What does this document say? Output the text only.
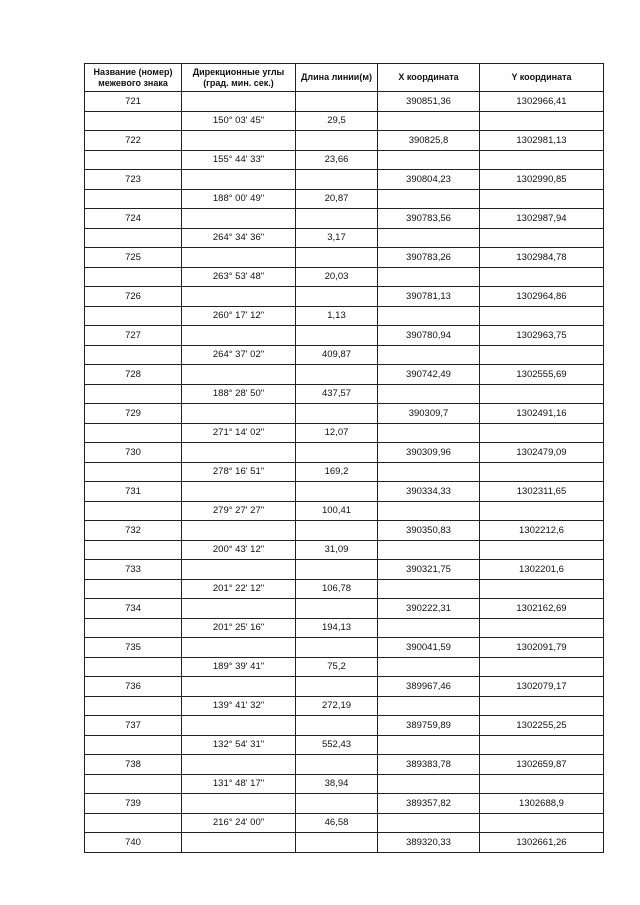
Название (номер) межевого знака	Дирекционные углы (град. мин. сек.)	Длина линии(м)	X координата	Y координата
721			390851,36	1302966,41
	150° 03' 45"	29,5		
722			390825,8	1302981,13
	155° 44' 33"	23,66		
723			390804,23	1302990,85
	188° 00' 49"	20,87		
724			390783,56	1302987,94
	264° 34' 36"	3,17		
725			390783,26	1302984,78
	263° 53' 48"	20,03		
726			390781,13	1302964,86
	260° 17' 12"	1,13		
727			390780,94	1302963,75
	264° 37' 02"	409,87		
728			390742,49	1302555,69
	188° 28' 50"	437,57		
729			390309,7	1302491,16
	271° 14' 02"	12,07		
730			390309,96	1302479,09
	278° 16' 51"	169,2		
731			390334,33	1302311,65
	279° 27' 27"	100,41		
732			390350,83	1302212,6
	200° 43' 12"	31,09		
733			390321,75	1302201,6
	201° 22' 12"	106,78		
734			390222,31	1302162,69
	201° 25' 16"	194,13		
735			390041,59	1302091,79
	189° 39' 41"	75,2		
736			389967,46	1302079,17
	139° 41' 32"	272,19		
737			389759,89	1302255,25
	132° 54' 31"	552,43		
738			389383,78	1302659,87
	131° 48' 17"	38,94		
739			389357,82	1302688,9
	216° 24' 00"	46,58		
740			389320,33	1302661,26
